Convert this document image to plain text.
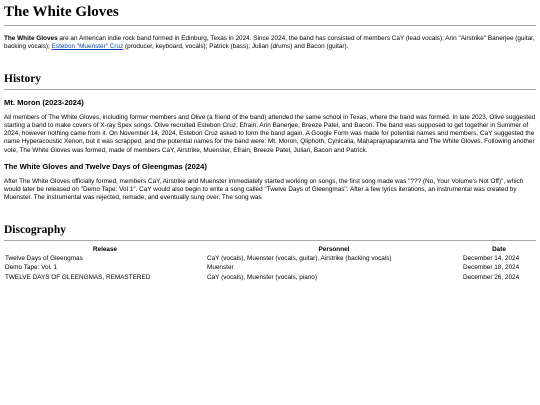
The White Gloves

The White Gloves are an American indie rock band formed in Edinburg, Texas in 2024. Since 2024, the band has consisted of members CaY (lead vocals); Arin "Airstrike" Banerjee (guitar, backing vocals); Estebon "Muenster" Cruz (producer, keyboard, vocals); Patrick (bass); Julian (drums) and Bacon (guitar).

History
Mt. Moron (2023-2024)

All members of The White Gloves, including former members and Olive (a friend of the band) attended the same school in Texas, where the band was formed. In late 2023, Olive suggested starting a band to make covers of X-ray Spex songs. Olive recruited Estebon Cruz, Efrain, Arin Banerjee, Breeze Patel, and Bacon. The band was supposed to get together in Summer of 2024, however nothing came from it. On November 14, 2024, Estebon Cruz asked to form the band again. A Google Form was made for potential names and members. CaY suggested the name Hyperacoustic Xenon, but it was scrapped, and the potential names for the band were: Mt. Moron, Qliphoth, Cynicalia, Mahaprajnaparamita and The White Gloves. Following another vote, The White Gloves was formed, made of members CaY, Airstrike, Muenster, Efrain, Breeze Patel, Julian, Bacon and Patrick.

The White Gloves and Twelve Days of Gleengmas (2024)

After The White Gloves officially formed, members CaY, Airstrike and Muenster immediately started working on songs, the first song made was "??? (No, Your Volume's Not Off)", which would later be released on "Demo Tape: Vol 1". CaY would also begin to write a song called "Twelve Days of Gleengmas". After a few lyrics iterations, an instrumental was created by Muenster. The instrumental was rejected, remade, and eventually sung over. The song was

Discography
Release	Personnel	Date
Twelve Days of Gleengmas	CaY (vocals), Muenster (vocals, guitar), Airstrike (backing vocals)	December 14, 2024
Demo Tape: Vol. 1	Muenster	December 18, 2024
TWELVE DAYS OF GLEENGMAS, REMASTERED	CaY (vocals), Muenster (vocals, piano)	December 26, 2024
